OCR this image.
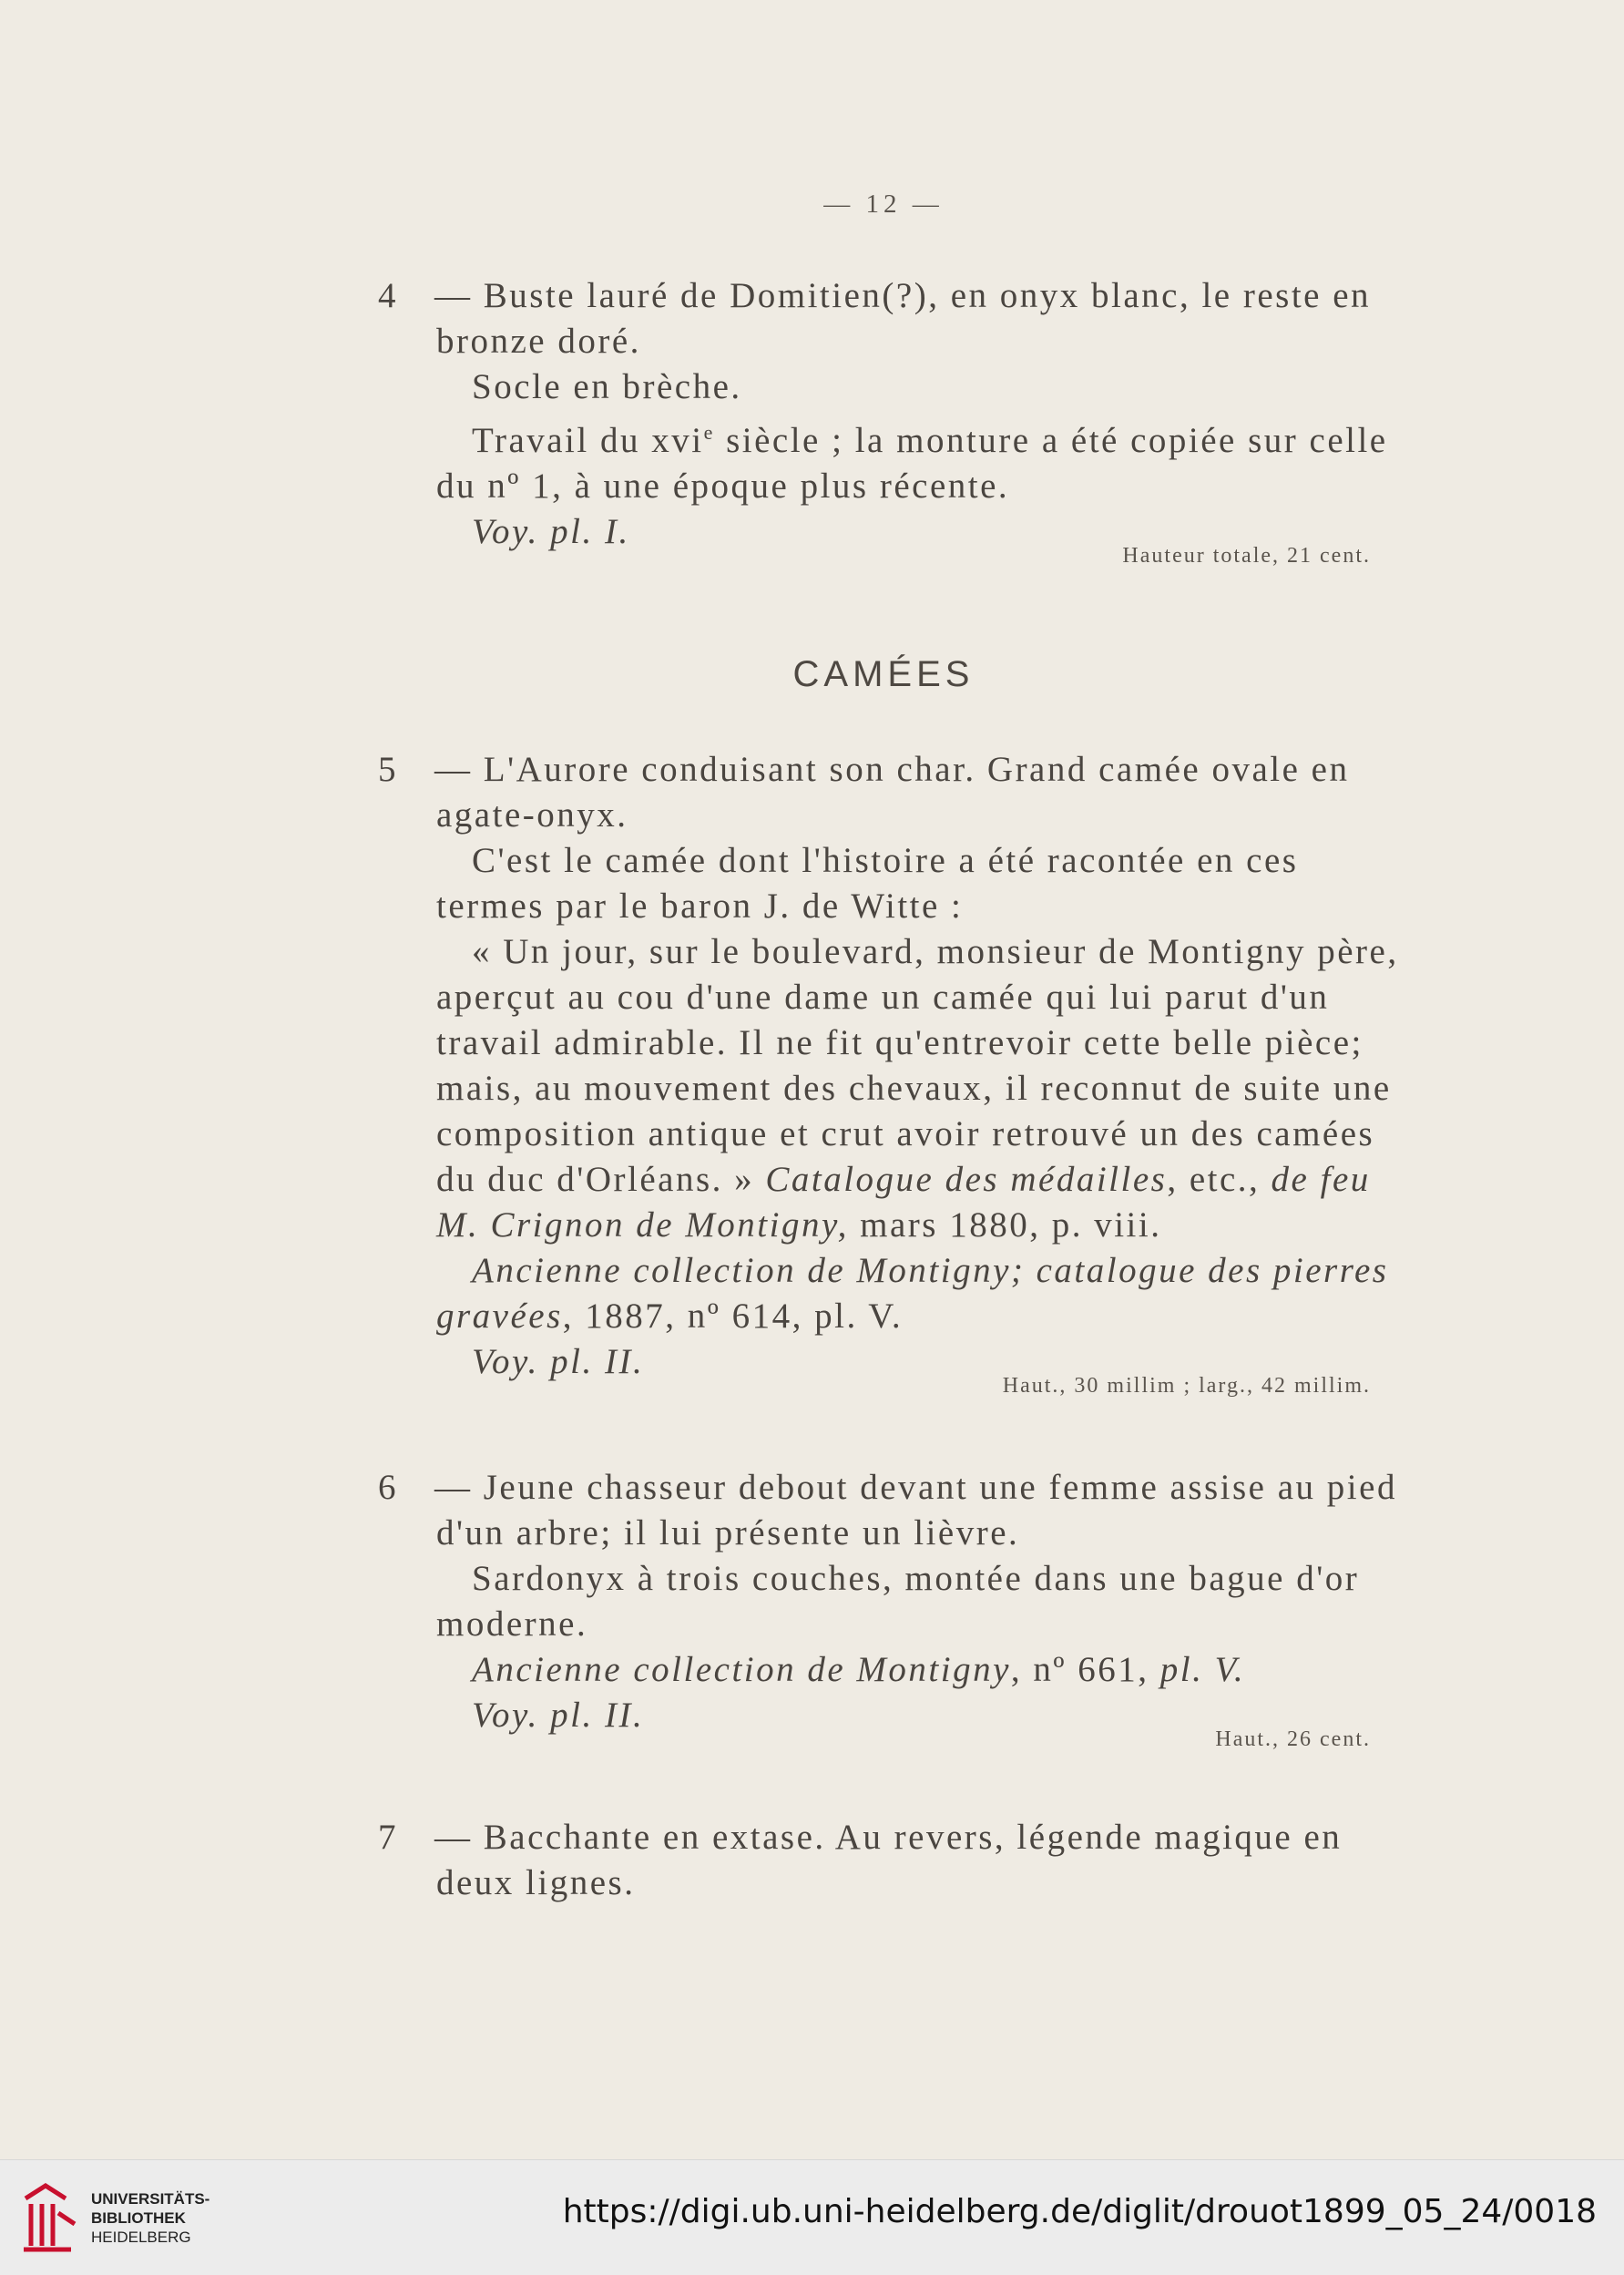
— 12 —
4 — Buste lauré de Domitien(?), en onyx blanc, le reste en
bronze doré.
Socle en brèche.
Travail du xvi$^e$ siècle ; la monture a été copiée sur celle
du nº 1, à une époque plus récente.
Voy. pl. I.
Hauteur totale, 21 cent.
CAMÉES
5 — L'Aurore conduisant son char. Grand camée ovale en
agate-onyx.
C'est le camée dont l'histoire a été racontée en ces
termes par le baron J. de Witte :
« Un jour, sur le boulevard, monsieur de Montigny père,
aperçut au cou d'une dame un camée qui lui parut d'un
travail admirable. Il ne fit qu'entrevoir cette belle pièce;
mais, au mouvement des chevaux, il reconnut de suite une
composition antique et crut avoir retrouvé un des camées
du duc d'Orléans. » Catalogue des médailles, etc., de feu
M. Crignon de Montigny, mars 1880, p. viii.
Ancienne collection de Montigny; catalogue des pierres
gravées, 1887, nº 614, pl. V.
Voy. pl. II.
Haut., 30 millim ; larg., 42 millim.
6 — Jeune chasseur debout devant une femme assise au pied
d'un arbre; il lui présente un lièvre.
Sardonyx à trois couches, montée dans une bague d'or
moderne.
Ancienne collection de Montigny, nº 661, pl. V.
Voy. pl. II.
Haut., 26 cent.
7 — Bacchante en extase. Au revers, légende magique en
deux lignes.
UNIVERSITÄTS-
BIBLIOTHEK
HEIDELBERG
https://digi.ub.uni-heidelberg.de/diglit/drouot1899_05_24/0018
